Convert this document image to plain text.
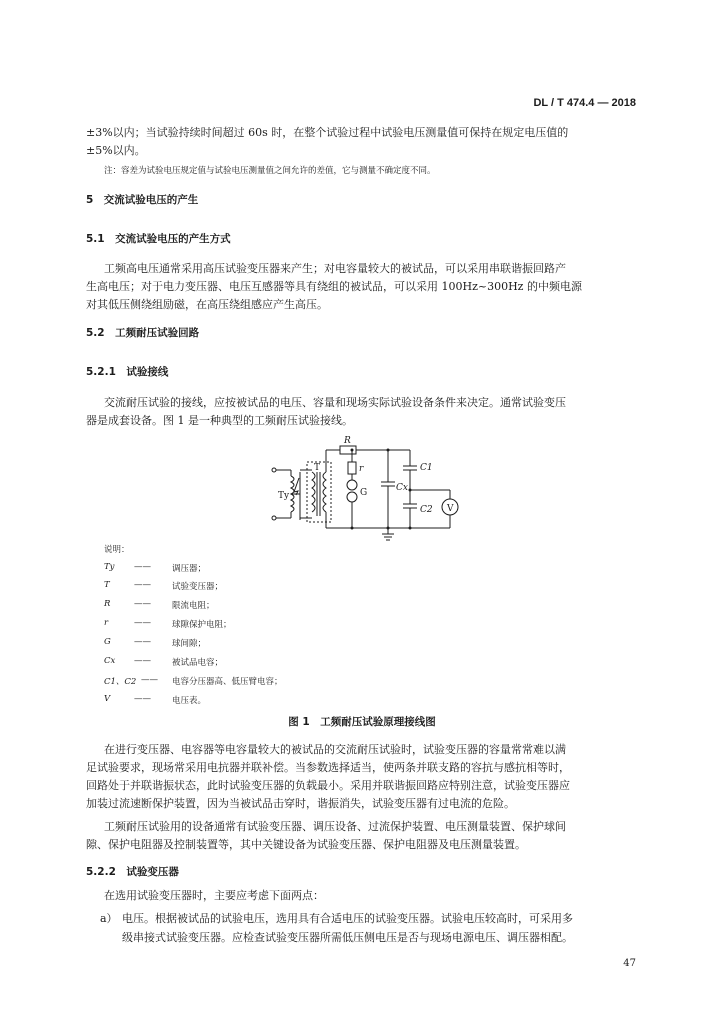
DL / T 474.4 — 2018
±3%以内；当试验持续时间超过 60s 时，在整个试验过程中试验电压测量值可保持在规定电压值的
±5%以内。
注：容差为试验电压规定值与试验电压测量值之间允许的差值，它与测量不确定度不同。
5　交流试验电压的产生
5.1　交流试验电压的产生方式
工频高电压通常采用高压试验变压器来产生；对电容量较大的被试品，可以采用串联谐振回路产
生高电压；对于电力变压器、电压互感器等具有绕组的被试品，可以采用 100Hz~300Hz 的中频电源
对其低压侧绕组励磁，在高压绕组感应产生高压。
5.2　工频耐压试验回路
5.2.1　试验接线
交流耐压试验的接线，应按被试品的电压、容量和现场实际试验设备条件来决定。通常试验变压
器是成套设备。图 1 是一种典型的工频耐压试验接线。
R
T
Ty
r
G	Cx
C1
C2 V
说明：
Ty	—— 调压器；
T	—— 试验变压器；
R	—— 限流电阻；
r	—— 球隙保护电阻；
G	—— 球间隙；
Cx	—— 被试品电容；
C1、C2 —— 电容分压器高、低压臂电容；
V	—— 电压表。
图 1　工频耐压试验原理接线图
在进行变压器、电容器等电容量较大的被试品的交流耐压试验时，试验变压器的容量常常难以满
足试验要求，现场常采用电抗器并联补偿。当参数选择适当，使两条并联支路的容抗与感抗相等时，
回路处于并联谐振状态，此时试验变压器的负载最小。采用并联谐振回路应特别注意，试验变压器应
加装过流速断保护装置，因为当被试品击穿时，谐振消失，试验变压器有过电流的危险。
工频耐压试验用的设备通常有试验变压器、调压设备、过流保护装置、电压测量装置、保护球间
隙、保护电阻器及控制装置等，其中关键设备为试验变压器、保护电阻器及电压测量装置。
5.2.2　试验变压器
在选用试验变压器时，主要应考虑下面两点：
a） 电压。根据被试品的试验电压，选用具有合适电压的试验变压器。试验电压较高时，可采用多
级串接式试验变压器。应检查试验变压器所需低压侧电压是否与现场电源电压、调压器相配。
47
